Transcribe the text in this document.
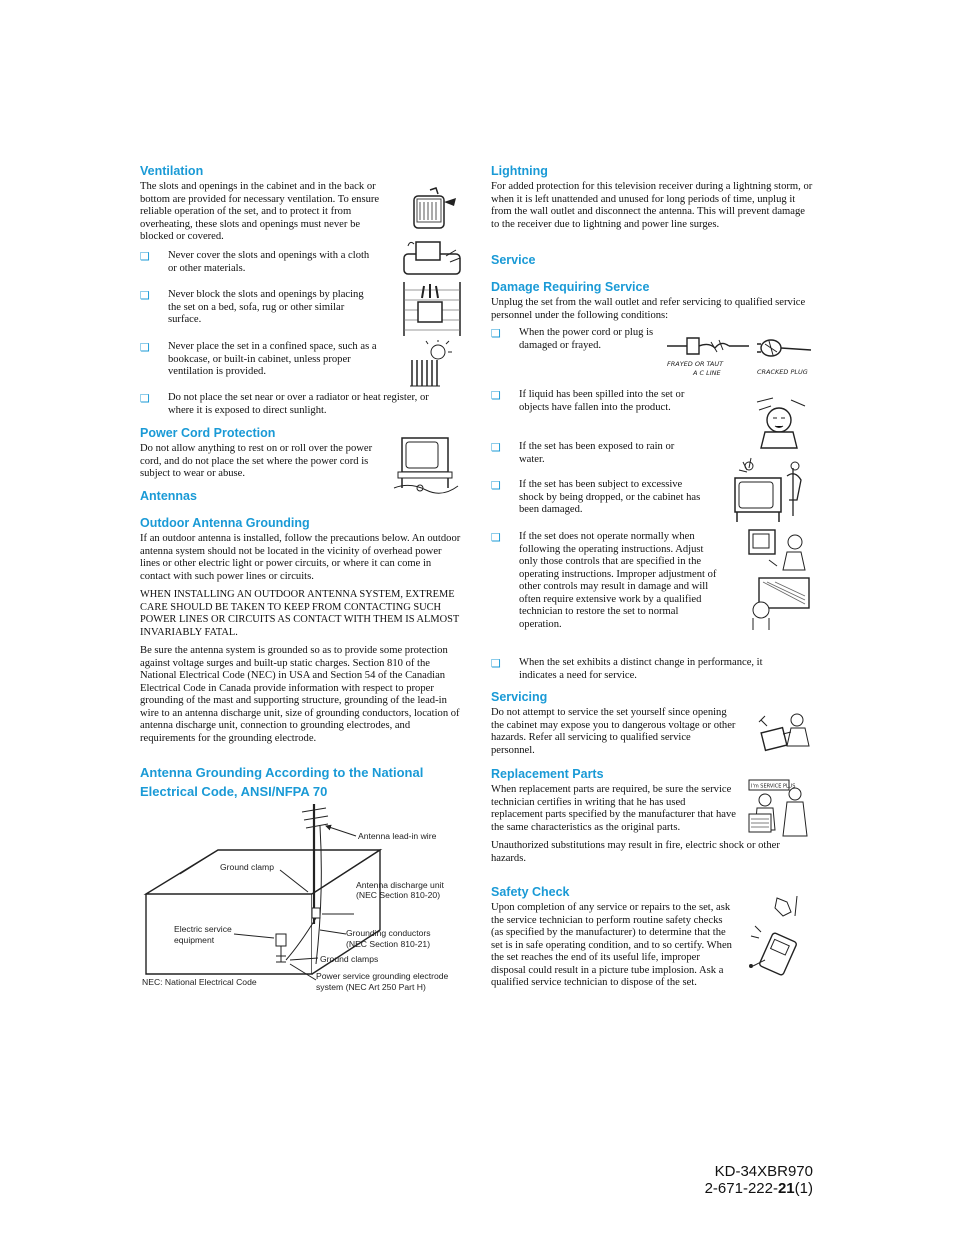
Ventilation

The slots and openings in the cabinet and in the back or bottom are provided for necessary ventilation. To ensure reliable operation of the set, and to protect it from overheating, these slots and openings must never be blocked or covered.

❑ Never cover the slots and openings with a cloth or other materials.
❑ Never block the slots and openings by placing the set on a bed, sofa, rug or other similar surface.
❑ Never place the set in a confined space, such as a bookcase, or built-in cabinet, unless proper ventilation is provided.
❑ Do not place the set near or over a radiator or heat register, or where it is exposed to direct sunlight.
Power Cord Protection

Do not allow anything to rest on or roll over the power cord, and do not place the set where the power cord is subject to wear or abuse.

Antennas
Outdoor Antenna Grounding

If an outdoor antenna is installed, follow the precautions below. An outdoor antenna system should not be located in the vicinity of overhead power lines or other electric light or power circuits, or where it can come in contact with such power lines or circuits.

WHEN INSTALLING AN OUTDOOR ANTENNA SYSTEM, EXTREME CARE SHOULD BE TAKEN TO KEEP FROM CONTACTING SUCH POWER LINES OR CIRCUITS AS CONTACT WITH THEM IS ALMOST INVARIABLY FATAL.

Be sure the antenna system is grounded so as to provide some protection against voltage surges and built-up static charges. Section 810 of the National Electrical Code (NEC) in USA and Section 54 of the Canadian Electrical Code in Canada provide information with respect to proper grounding of the mast and supporting structure, grounding of the lead-in wire to an antenna discharge unit, size of grounding conductors, location of antenna discharge unit, connection to grounding electrodes, and requirements for the grounding electrode.

Antenna Grounding According to the National
Electrical Code, ANSI/NFPA 70
Antenna lead-in wire
Ground clamp
Antenna discharge unit
(NEC Section 810-20)
Electric service
equipment
Grounding conductors
(NEC Section 810-21)
Ground clamps
NEC: National Electrical Code
Power service grounding electrode
system (NEC Art 250 Part H)
Lightning

For added protection for this television receiver during a lightning storm, or when it is left unattended and unused for long periods of time, unplug it from the wall outlet and disconnect the antenna. This will prevent damage to the receiver due to lightning and power line surges.

Service
Damage Requiring Service

Unplug the set from the wall outlet and refer servicing to qualified service personnel under the following conditions:

❑ When the power cord or plug is damaged or frayed.
FRAYED OR TAUT
A C LINE	CRACKED PLUG
❑ If liquid has been spilled into the set or objects have fallen into the product.
❑ If the set has been exposed to rain or water.
❑ If the set has been subject to excessive shock by being dropped, or the cabinet has been damaged.
❑ If the set does not operate normally when following the operating instructions. Adjust only those controls that are specified in the operating instructions. Improper adjustment of other controls may result in damage and will often require extensive work by a qualified technician to restore the set to normal operation.
❑ When the set exhibits a distinct change in performance, it indicates a need for service.
Servicing

Do not attempt to service the set yourself since opening the cabinet may expose you to dangerous voltage or other hazards. Refer all servicing to qualified service personnel.

Replacement Parts

When replacement parts are required, be sure the service technician certifies in writing that he has used replacement parts specified by the manufacturer that have the same characteristics as the original parts.

Unauthorized substitutions may result in fire, electric shock or other hazards.

I'm SERVICE PLUS
Safety Check

Upon completion of any service or repairs to the set, ask the service technician to perform routine safety checks (as specified by the manufacturer) to determine that the set is in safe operating condition, and to so certify. When the set reaches the end of its useful life, improper disposal could result in a picture tube implosion. Ask a qualified service technician to dispose of the set.

KD-34XBR970
2-671-222-21(1)
